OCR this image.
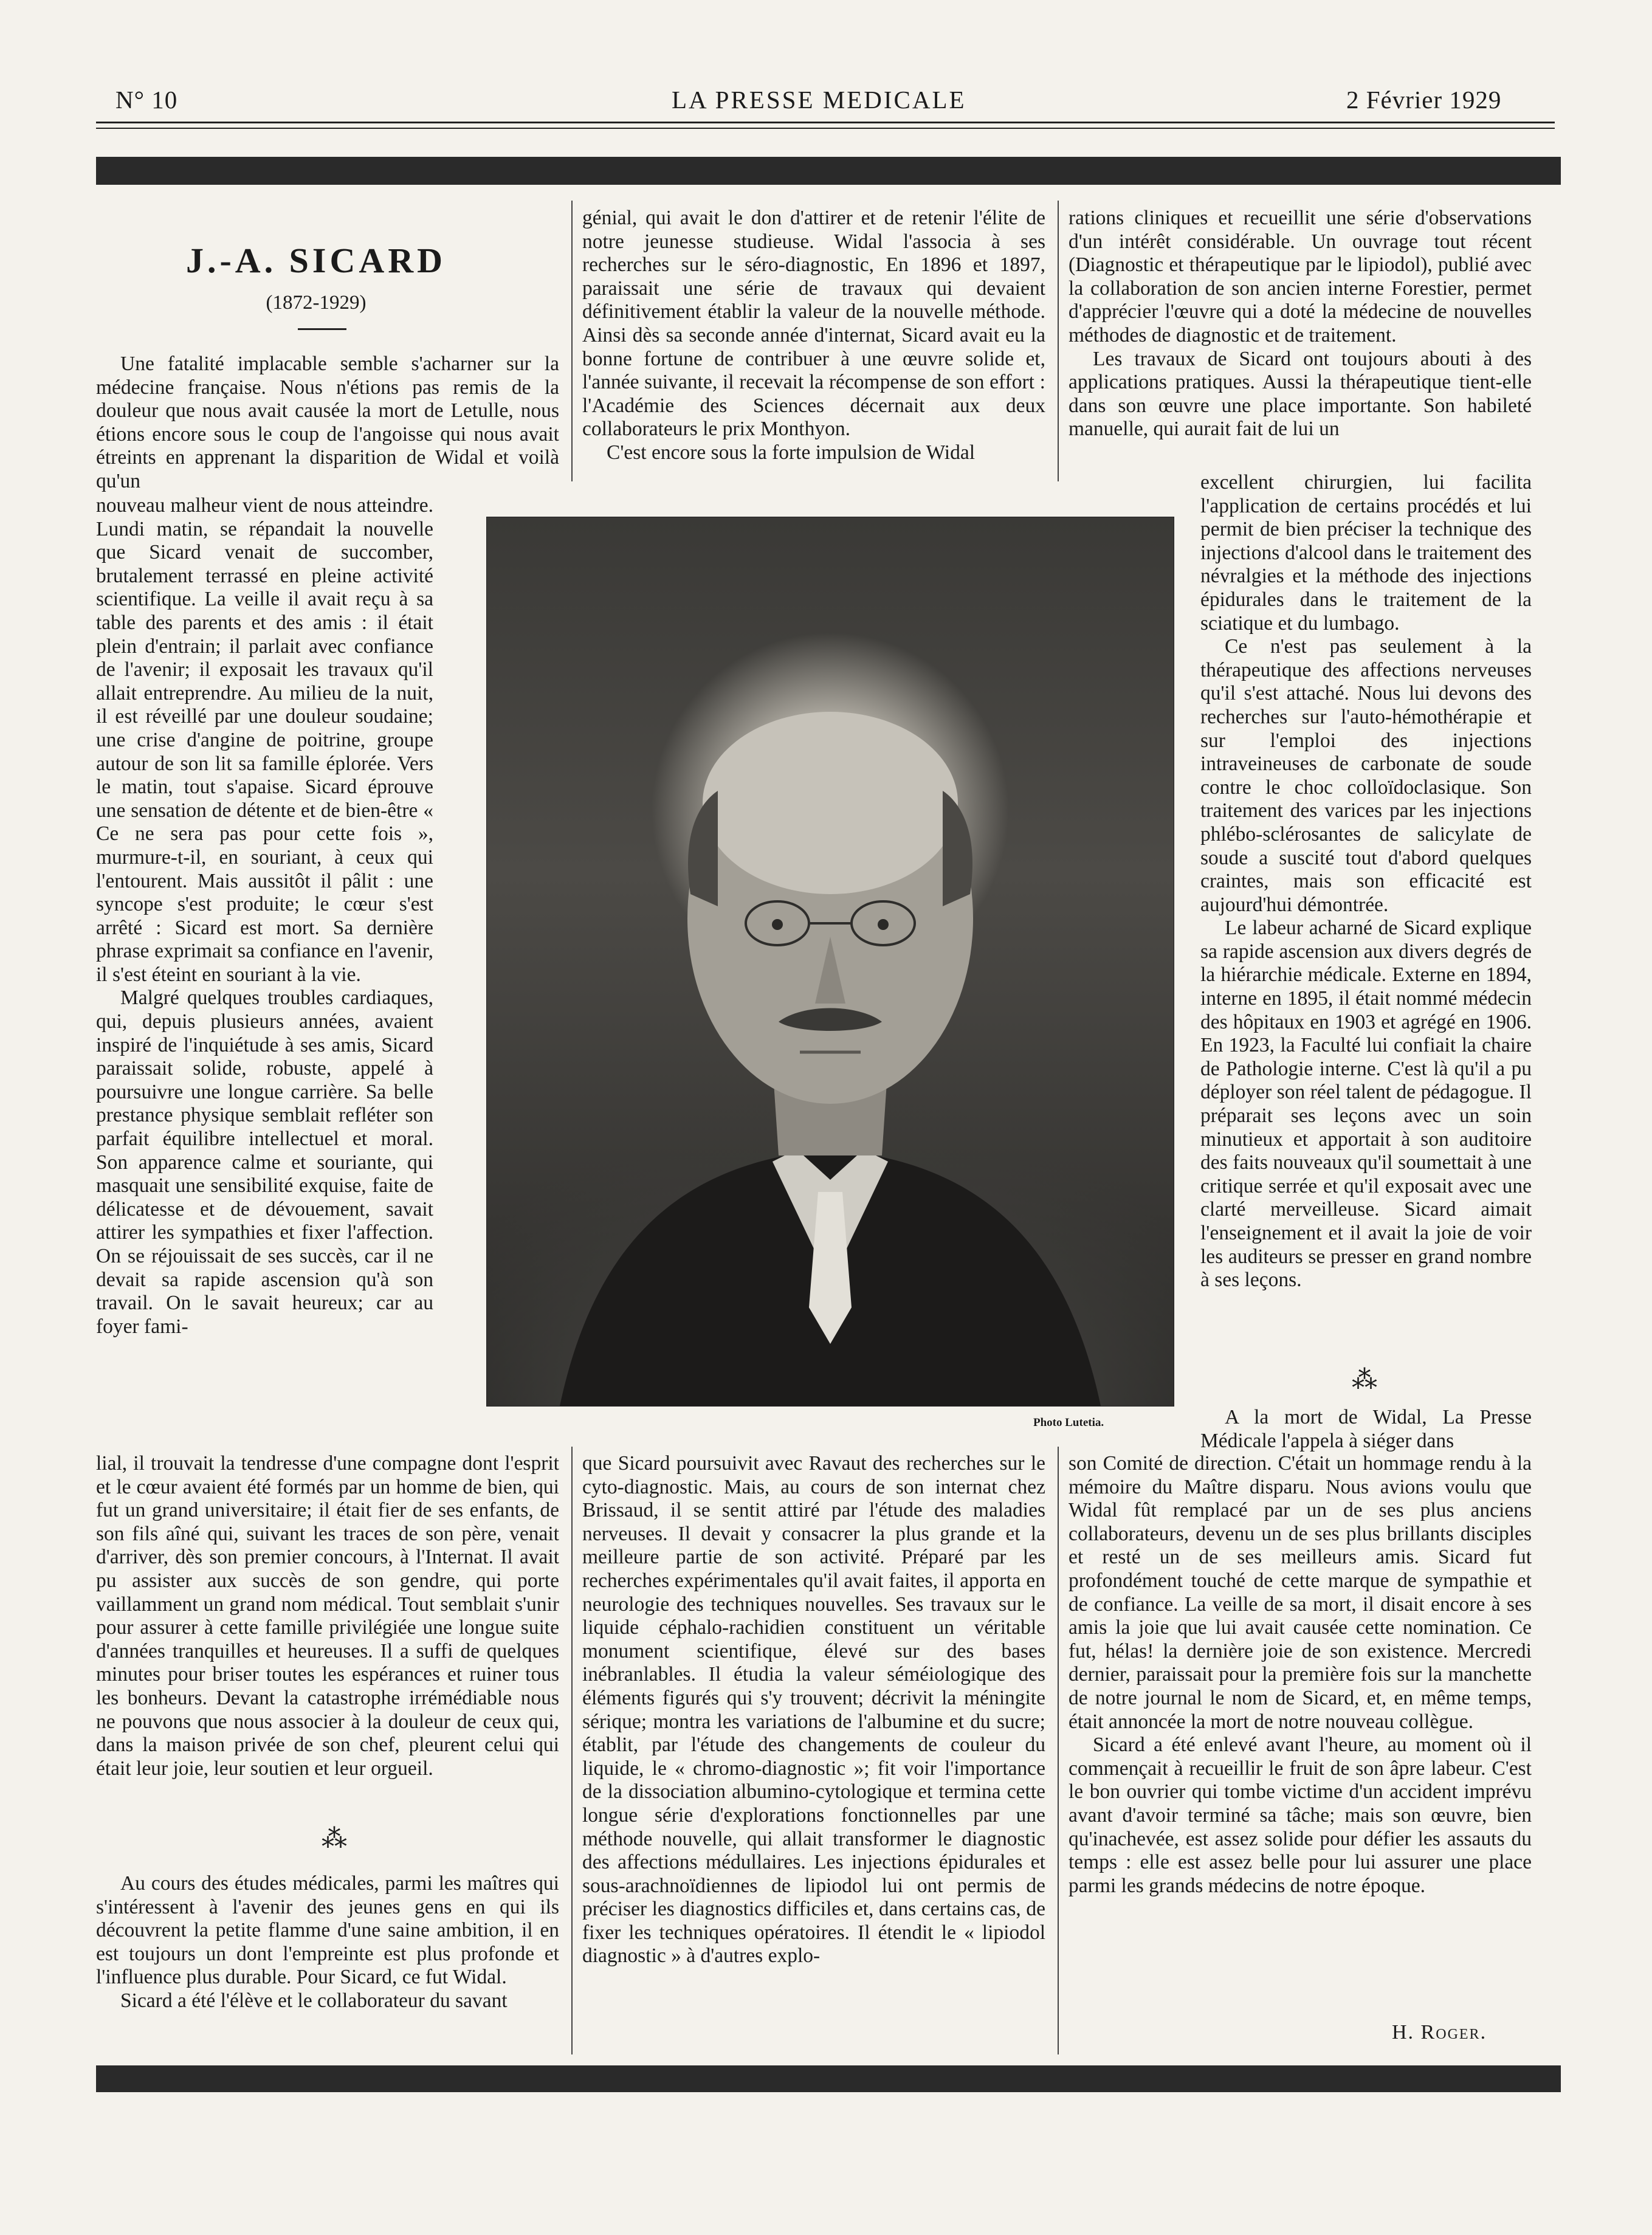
N° 10	LA PRESSE MEDICALE	2 Février 1929
J.-A. SICARD
(1872-1929)

Une fatalité implacable semble s'acharner sur la médecine française. Nous n'étions pas remis de la douleur que nous avait causée la mort de Letulle, nous étions encore sous le coup de l'angoisse qui nous avait étreints en apprenant la disparition de Widal et voilà qu'un

nouveau malheur vient de nous atteindre. Lundi matin, se répandait la nouvelle que Sicard venait de succomber, brutalement terrassé en pleine activité scientifique. La veille il avait reçu à sa table des parents et des amis : il était plein d'entrain; il parlait avec confiance de l'avenir; il exposait les travaux qu'il allait entreprendre. Au milieu de la nuit, il est réveillé par une douleur soudaine; une crise d'angine de poitrine, groupe autour de son lit sa famille éplorée. Vers le matin, tout s'apaise. Sicard éprouve une sensation de détente et de bien-être « Ce ne sera pas pour cette fois », murmure-t-il, en souriant, à ceux qui l'entourent. Mais aussitôt il pâlit : une syncope s'est produite; le cœur s'est arrêté : Sicard est mort. Sa dernière phrase exprimait sa confiance en l'avenir, il s'est éteint en souriant à la vie.

Malgré quelques troubles cardiaques, qui, depuis plusieurs années, avaient inspiré de l'inquiétude à ses amis, Sicard paraissait solide, robuste, appelé à poursuivre une longue carrière. Sa belle prestance physique semblait refléter son parfait équilibre intellectuel et moral. Son apparence calme et souriante, qui masquait une sensibilité exquise, faite de délicatesse et de dévouement, savait attirer les sympathies et fixer l'affection. On se réjouissait de ses succès, car il ne devait sa rapide ascension qu'à son travail. On le savait heureux; car au foyer fami-

lial, il trouvait la tendresse d'une compagne dont l'esprit et le cœur avaient été formés par un homme de bien, qui fut un grand universitaire; il était fier de ses enfants, de son fils aîné qui, suivant les traces de son père, venait d'arriver, dès son premier concours, à l'Internat. Il avait pu assister aux succès de son gendre, qui porte vaillamment un grand nom médical. Tout semblait s'unir pour assurer à cette famille privilégiée une longue suite d'années tranquilles et heureuses. Il a suffi de quelques minutes pour briser toutes les espérances et ruiner tous les bonheurs. Devant la catastrophe irrémédiable nous ne pouvons que nous associer à la douleur de ceux qui, dans la maison privée de son chef, pleurent celui qui était leur joie, leur soutien et leur orgueil.

⁂

Au cours des études médicales, parmi les maîtres qui s'intéressent à l'avenir des jeunes gens en qui ils découvrent la petite flamme d'une saine ambition, il en est toujours un dont l'empreinte est plus profonde et l'influence plus durable. Pour Sicard, ce fut Widal.

Sicard a été l'élève et le collaborateur du savant

génial, qui avait le don d'attirer et de retenir l'élite de notre jeunesse studieuse. Widal l'associa à ses recherches sur le séro-diagnostic, En 1896 et 1897, paraissait une série de travaux qui devaient définitivement établir la valeur de la nouvelle méthode. Ainsi dès sa seconde année d'internat, Sicard avait eu la bonne fortune de contribuer à une œuvre solide et, l'année suivante, il recevait la récompense de son effort : l'Académie des Sciences décernait aux deux collaborateurs le prix Monthyon.

C'est encore sous la forte impulsion de Widal

Photo Lutetia.

que Sicard poursuivit avec Ravaut des recherches sur le cyto-diagnostic. Mais, au cours de son internat chez Brissaud, il se sentit attiré par l'étude des maladies nerveuses. Il devait y consacrer la plus grande et la meilleure partie de son activité. Préparé par les recherches expérimentales qu'il avait faites, il apporta en neurologie des techniques nouvelles. Ses travaux sur le liquide céphalo-rachidien constituent un véritable monument scientifique, élevé sur des bases inébranlables. Il étudia la valeur séméiologique des éléments figurés qui s'y trouvent; décrivit la méningite sérique; montra les variations de l'albumine et du sucre; établit, par l'étude des changements de couleur du liquide, le « chromo-diagnostic »; fit voir l'importance de la dissociation albumino-cytologique et termina cette longue série d'explorations fonctionnelles par une méthode nouvelle, qui allait transformer le diagnostic des affections médullaires. Les injections épidurales et sous-arachnoïdiennes de lipiodol lui ont permis de préciser les diagnostics difficiles et, dans certains cas, de fixer les techniques opératoires. Il étendit le « lipiodol diagnostic » à d'autres explo-

rations cliniques et recueillit une série d'observations d'un intérêt considérable. Un ouvrage tout récent (Diagnostic et thérapeutique par le lipiodol), publié avec la collaboration de son ancien interne Forestier, permet d'apprécier l'œuvre qui a doté la médecine de nouvelles méthodes de diagnostic et de traitement.

Les travaux de Sicard ont toujours abouti à des applications pratiques. Aussi la thérapeutique tient-elle dans son œuvre une place importante. Son habileté manuelle, qui aurait fait de lui un

excellent chirurgien, lui facilita l'application de certains procédés et lui permit de bien préciser la technique des injections d'alcool dans le traitement des névralgies et la méthode des injections épidurales dans le traitement de la sciatique et du lumbago.

Ce n'est pas seulement à la thérapeutique des affections nerveuses qu'il s'est attaché. Nous lui devons des recherches sur l'auto-hémothérapie et sur l'emploi des injections intraveineuses de carbonate de soude contre le choc colloïdoclasique. Son traitement des varices par les injections phlébo-sclérosantes de salicylate de soude a suscité tout d'abord quelques craintes, mais son efficacité est aujourd'hui démontrée.

Le labeur acharné de Sicard explique sa rapide ascension aux divers degrés de la hiérarchie médicale. Externe en 1894, interne en 1895, il était nommé médecin des hôpitaux en 1903 et agrégé en 1906. En 1923, la Faculté lui confiait la chaire de Pathologie interne. C'est là qu'il a pu déployer son réel talent de pédagogue. Il préparait ses leçons avec un soin minutieux et apportait à son auditoire des faits nouveaux qu'il soumettait à une critique serrée et qu'il exposait avec une clarté merveilleuse. Sicard aimait l'enseignement et il avait la joie de voir les auditeurs se presser en grand nombre à ses leçons.

⁂

A la mort de Widal, La Presse Médicale l'appela à siéger dans

son Comité de direction. C'était un hommage rendu à la mémoire du Maître disparu. Nous avions voulu que Widal fût remplacé par un de ses plus anciens collaborateurs, devenu un de ses plus brillants disciples et resté un de ses meilleurs amis. Sicard fut profondément touché de cette marque de sympathie et de confiance. La veille de sa mort, il disait encore à ses amis la joie que lui avait causée cette nomination. Ce fut, hélas! la dernière joie de son existence. Mercredi dernier, paraissait pour la première fois sur la manchette de notre journal le nom de Sicard, et, en même temps, était annoncée la mort de notre nouveau collègue.

Sicard a été enlevé avant l'heure, au moment où il commençait à recueillir le fruit de son âpre labeur. C'est le bon ouvrier qui tombe victime d'un accident imprévu avant d'avoir terminé sa tâche; mais son œuvre, bien qu'inachevée, est assez solide pour défier les assauts du temps : elle est assez belle pour lui assurer une place parmi les grands médecins de notre époque.

H. Roger.
